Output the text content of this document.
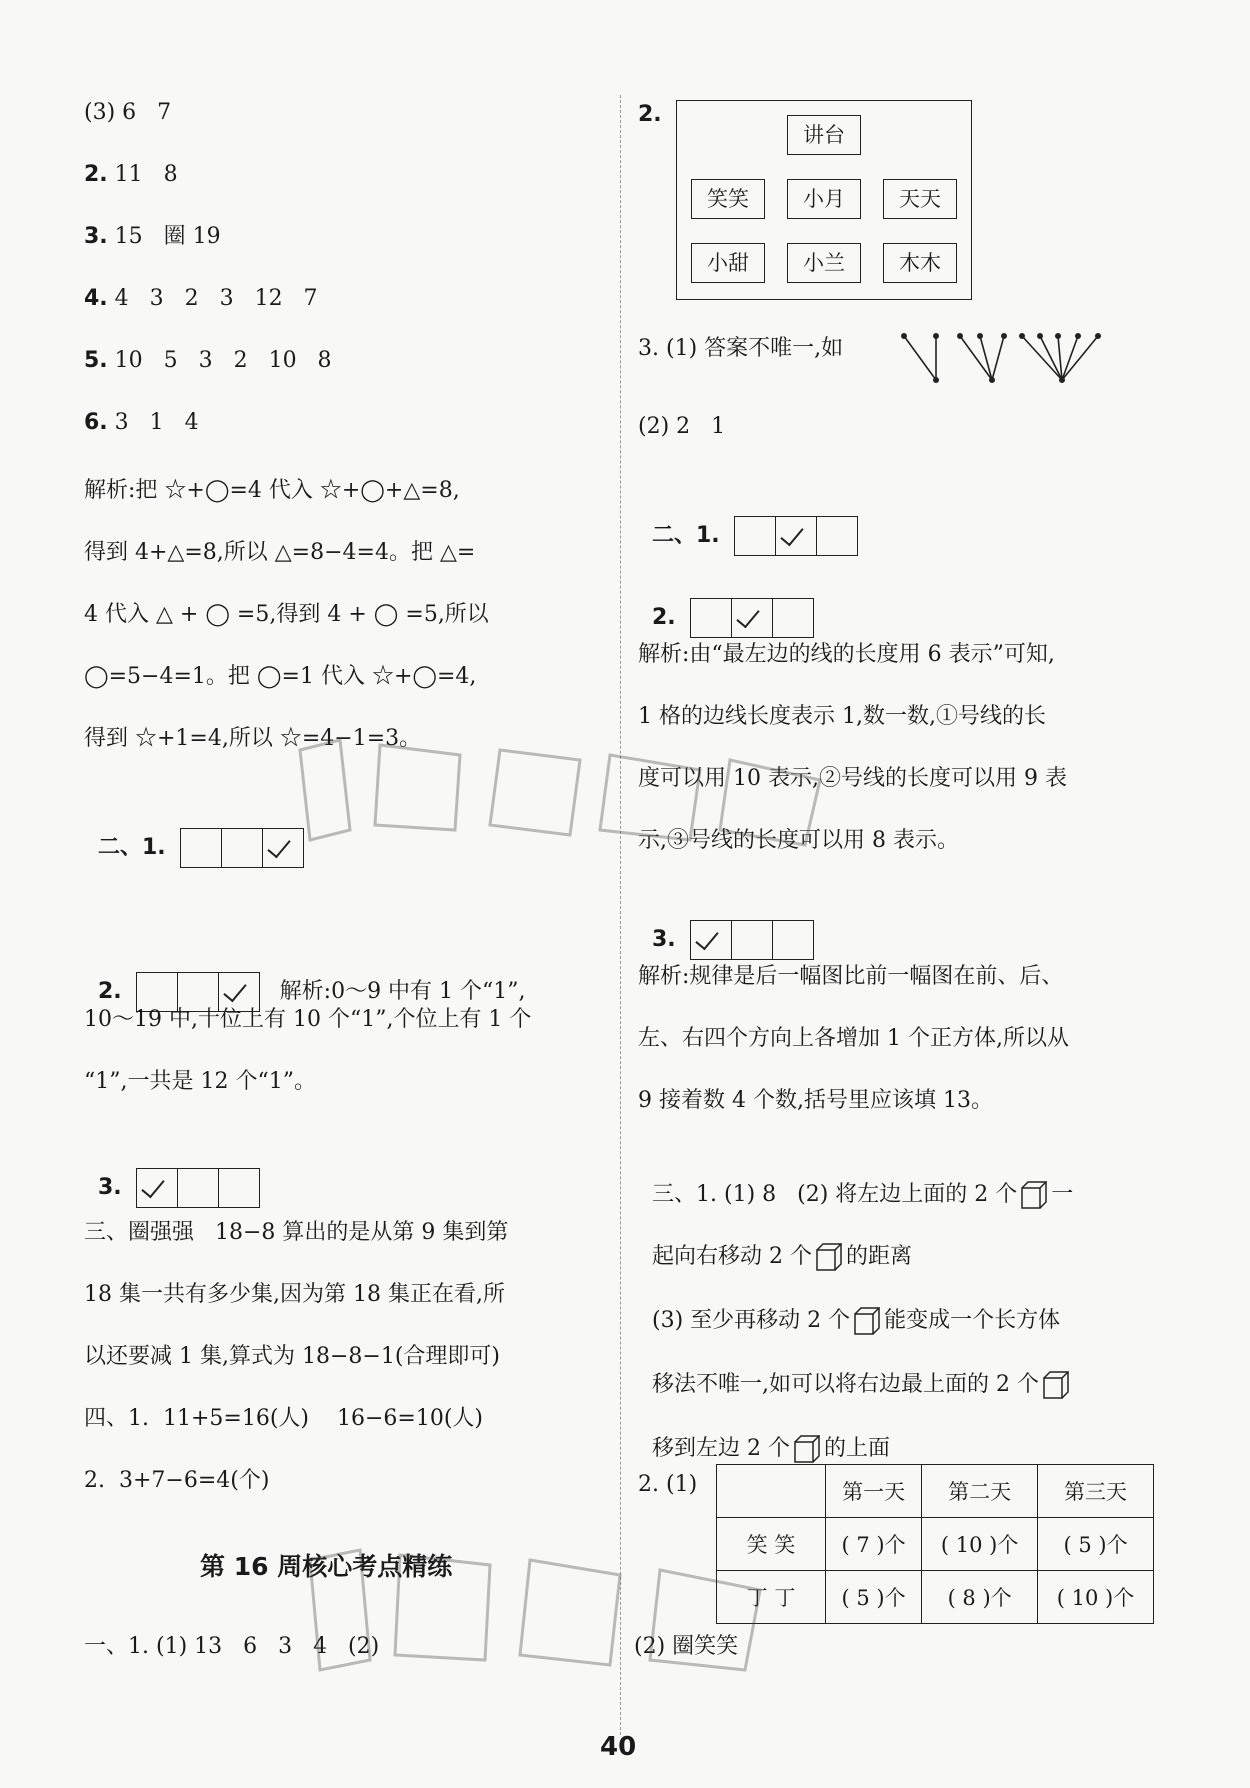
(3) 6   7
2. 11   8
3. 15   圈 19
4. 4   3   2   3   12   7
5. 10   5   3   2   10   8
6. 3   1   4
解析:把 ☆+◯=4 代入 ☆+◯+△=8,
得到 4+△=8,所以 △=8−4=4。把 △=
4 代入 △ + ◯ =5,得到 4 + ◯ =5,所以
◯=5−4=1。把 ◯=1 代入 ☆+◯=4,
得到 ☆+1=4,所以 ☆=4−1=3。

二、1.

2.	解析:0～9 中有 1 个“1”,

10～19 中,十位上有 10 个“1”,个位上有 1 个
“1”,一共是 12 个“1”。

3.

三、圈强强   18−8 算出的是从第 9 集到第
18 集一共有多少集,因为第 18 集正在看,所
以还要减 1 集,算式为 18−8−1(合理即可)
四、1.  11+5=16(人)    16−6=10(人)
2.  3+7−6=4(个)
第 16 周核心考点精练
一、1. (1) 13   6   3   4   (2)
2.
讲台
笑笑	小月	天天
小甜	小兰	木木
3. (1) 答案不唯一,如
(2) 2   1

二、1.

2.

解析:由“最左边的线的长度用 6 表示”可知,
1 格的边线长度表示 1,数一数,①号线的长
度可以用 10 表示,②号线的长度可以用 9 表
示,③号线的长度可以用 8 表示。

3.

解析:规律是后一幅图比前一幅图在前、后、
左、右四个方向上各增加 1 个正方体,所以从
9 接着数 4 个数,括号里应该填 13。

三、1. (1) 8   (2) 将左边上面的 2 个 一

起向右移动 2 个 的距离

(3) 至少再移动 2 个 能变成一个长方体

移法不唯一,如可以将右边最上面的 2 个

移到左边 2 个 的上面

2. (1)
		第一天	第二天	第三天
笑 笑	( 7 )个	( 10 )个	( 5 )个
丁 丁	( 5 )个	( 8 )个	( 10 )个
(2) 圈笑笑
40
